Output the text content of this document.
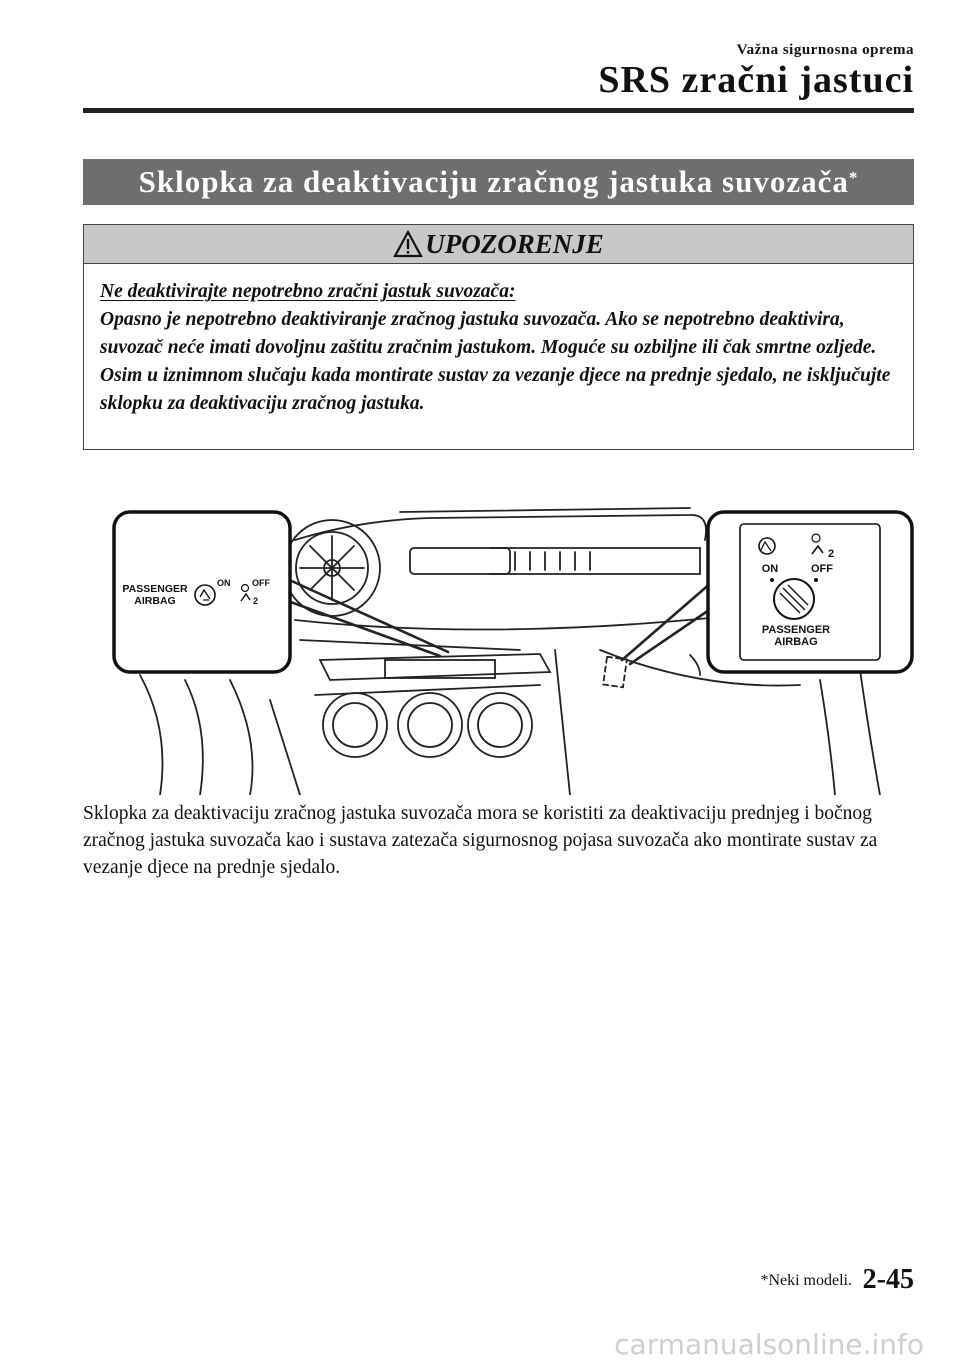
Važna sigurnosna oprema
SRS zračni jastuci
Sklopka za deaktivaciju zračnog jastuka suvozača*
UPOZORENJE
Ne deaktivirajte nepotrebno zračni jastuk suvozača:
Opasno je nepotrebno deaktiviranje zračnog jastuka suvozača. Ako se nepotrebno deaktivira, suvozač neće imati dovoljnu zaštitu zračnim jastukom. Moguće su ozbiljne ili čak smrtne ozljede. Osim u iznimnom slučaju kada montirate sustav za vezanje djece na prednje sjedalo, ne isključujte sklopku za deaktivaciju zračnog jastuka.
PASSENGER
AIRBAG
ON OFF
2
2
ON	OFF
PASSENGER
AIRBAG
Sklopka za deaktivaciju zračnog jastuka suvozača mora se koristiti za deaktivaciju prednjeg i bočnog zračnog jastuka suvozača kao i sustava zatezača sigurnosnog pojasa suvozača ako montirate sustav za vezanje djece na prednje sjedalo.
*Neki modeli. 2-45
carmanualsonline.info
